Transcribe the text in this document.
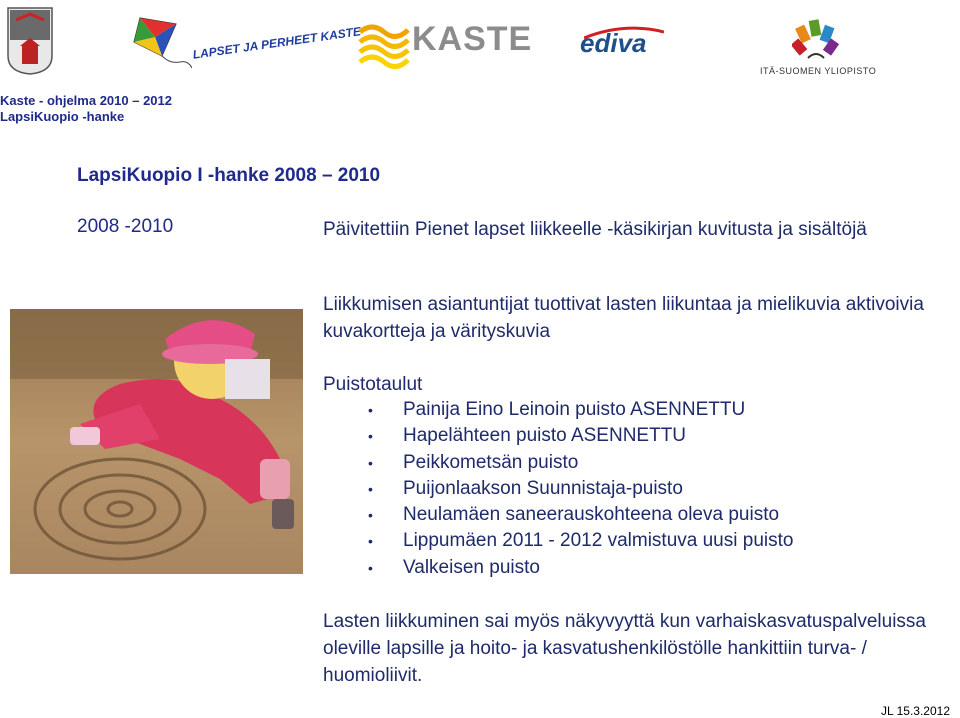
LAPSET JA PERHEET KASTE KASTE ediva
ITÄ-SUOMEN YLIOPISTO
Kaste - ohjelma 2010 – 2012
LapsiKuopio -hanke
LapsiKuopio I -hanke 2008 – 2010
2008 -2010	Päivitettiin Pienet lapset liikkeelle -käsikirjan kuvitusta ja sisältöjä
Liikkumisen asiantuntijat tuottivat lasten liikuntaa ja mielikuvia aktivoivia kuvakortteja ja värityskuvia
Puistotaulut
• Painija Eino Leinoin puisto ASENNETTU
• Hapelähteen puisto ASENNETTU
• Peikkometsän puisto
• Puijonlaakson Suunnistaja-puisto
• Neulamäen saneerauskohteena oleva puisto
• Lippumäen 2011 - 2012 valmistuva uusi puisto
• Valkeisen puisto
Lasten liikkuminen sai myös näkyvyyttä kun varhaiskasvatuspalveluissa oleville lapsille ja hoito- ja kasvatushenkilöstölle hankittiin turva- / huomioliivit.
JL 15.3.2012
